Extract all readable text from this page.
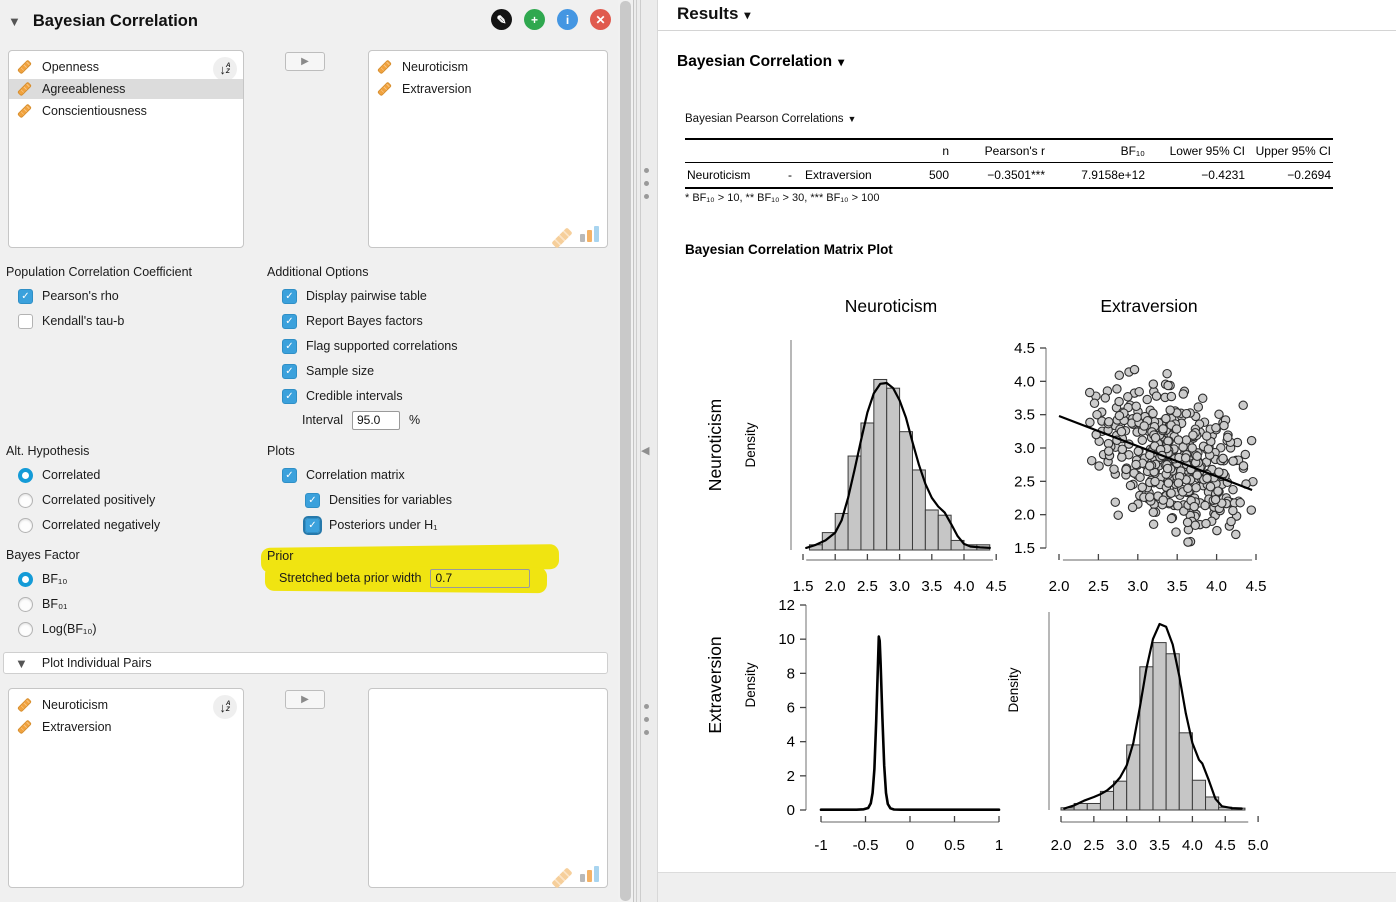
▼ Bayesian Correlation	✎ + i ✕
↓ A
Z
Openness
Agreeableness
Conscientiousness
▶	Neuroticism
Extraversion
Population Correlation Coefficient
✓ Pearson's rho
Kendall's tau-b
Additional Options
✓ Display pairwise table
✓ Report Bayes factors
✓ Flag supported correlations
✓ Sample size
✓ Credible intervals
Interval
95.0	%
Alt. Hypothesis
Correlated
Correlated positively
Correlated negatively
Plots
✓ Correlation matrix
✓ Densities for variables
✓ Posteriors under H₁
Bayes Factor
BF₁₀
BF₀₁
Log(BF₁₀)
Prior
Stretched beta prior width
0.7
▼ Plot Individual Pairs
↓ A
Z
Neuroticism
Extraversion
▶
◀
Results ▾
Bayesian Correlation ▾
Bayesian Pearson Correlations ▼
			n	Pearson's r	BF₁₀	Lower 95% CI	Upper 95% CI
Neuroticism	-	Extraversion	500	−0.3501***	7.9158e+12	−0.4231	−0.2694
* BF₁₀ > 10, ** BF₁₀ > 30, *** BF₁₀ > 100
Bayesian Correlation Matrix Plot
Neuroticism	Extraversion
Neuroticism Density
Extraversion Density	Density
1.5 2.0 2.5 3.0 3.5 4.0 4.5
1.5
2.0
2.5
3.0
3.5
4.0
4.5
2.0 2.5 3.0 3.5 4.0 4.5
0
2
4
6
8
10
12
-1 -0.5 0 0.5 1	2.0 2.5 3.0 3.5 4.0 4.5 5.0
